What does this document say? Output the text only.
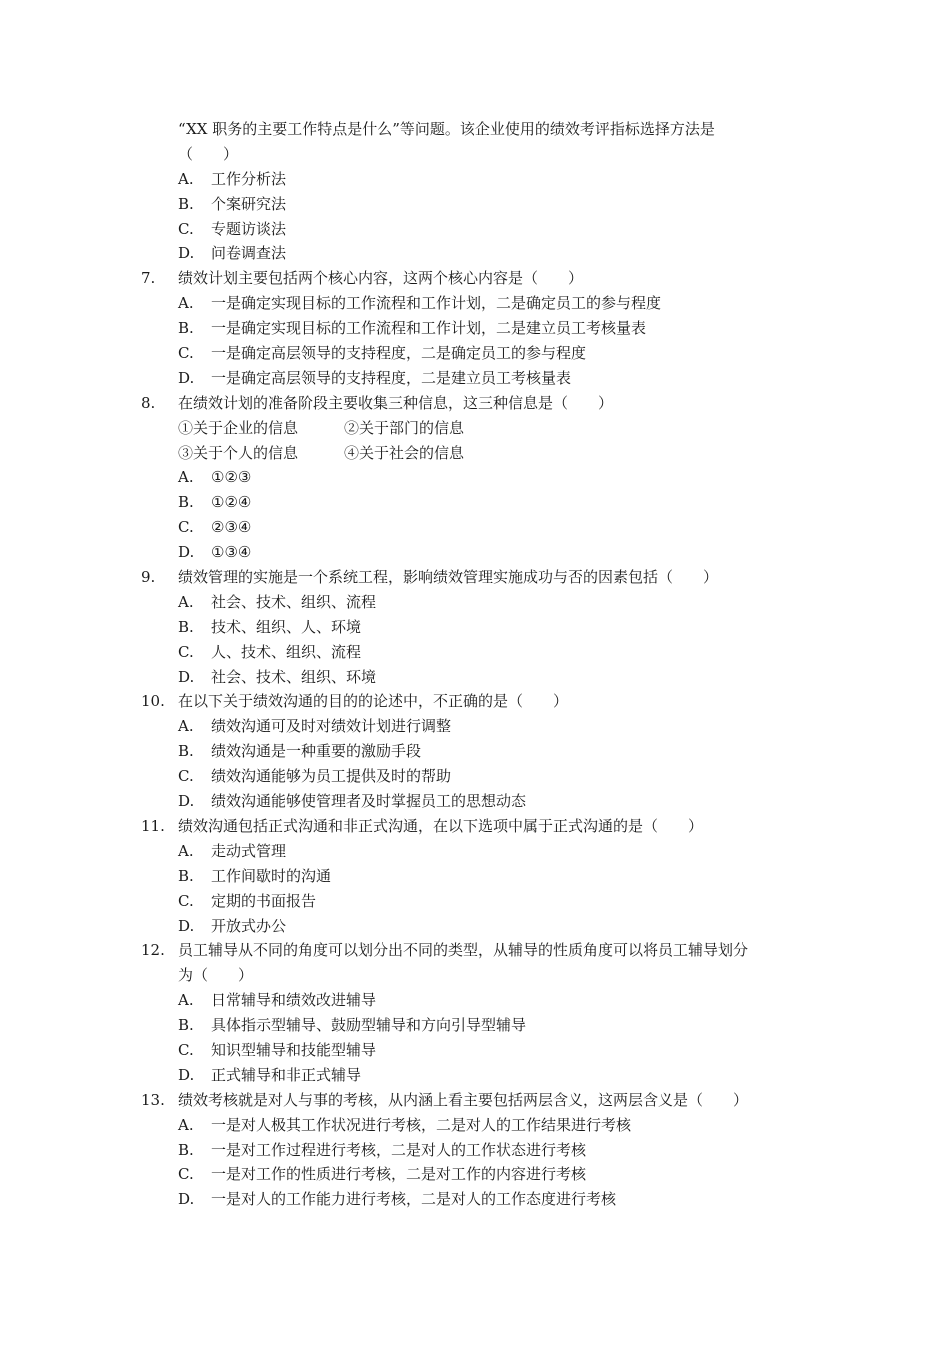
“XX 职务的主要工作特点是什么”等问题。该企业使用的绩效考评指标选择方法是
（　　）
A.	工作分析法
B.	个案研究法
C.	专题访谈法
D.	问卷调查法
7.	绩效计划主要包括两个核心内容，这两个核心内容是（　　）
A.	一是确定实现目标的工作流程和工作计划，二是确定员工的参与程度
B.	一是确定实现目标的工作流程和工作计划，二是建立员工考核量表
C.	一是确定高层领导的支持程度，二是确定员工的参与程度
D.	一是确定高层领导的支持程度，二是建立员工考核量表
8.	在绩效计划的准备阶段主要收集三种信息，这三种信息是（　　）
①关于企业的信息	②关于部门的信息
③关于个人的信息	④关于社会的信息
A.	①②③
B.	①②④
C.	②③④
D.	①③④
9.	绩效管理的实施是一个系统工程，影响绩效管理实施成功与否的因素包括（　　）
A.	社会、技术、组织、流程
B.	技术、组织、人、环境
C.	人、技术、组织、流程
D.	社会、技术、组织、环境
10. 在以下关于绩效沟通的目的的论述中，不正确的是（　　）
A.	绩效沟通可及时对绩效计划进行调整
B.	绩效沟通是一种重要的激励手段
C.	绩效沟通能够为员工提供及时的帮助
D.	绩效沟通能够使管理者及时掌握员工的思想动态
11. 绩效沟通包括正式沟通和非正式沟通，在以下选项中属于正式沟通的是（　　）
A.	走动式管理
B.	工作间歇时的沟通
C.	定期的书面报告
D.	开放式办公
12. 员工辅导从不同的角度可以划分出不同的类型，从辅导的性质角度可以将员工辅导划分
为（　　）
A.	日常辅导和绩效改进辅导
B.	具体指示型辅导、鼓励型辅导和方向引导型辅导
C.	知识型辅导和技能型辅导
D.	正式辅导和非正式辅导
13. 绩效考核就是对人与事的考核，从内涵上看主要包括两层含义，这两层含义是（　　）
A.	一是对人极其工作状况进行考核，二是对人的工作结果进行考核
B.	一是对工作过程进行考核，二是对人的工作状态进行考核
C.	一是对工作的性质进行考核，二是对工作的内容进行考核
D.	一是对人的工作能力进行考核，二是对人的工作态度进行考核
